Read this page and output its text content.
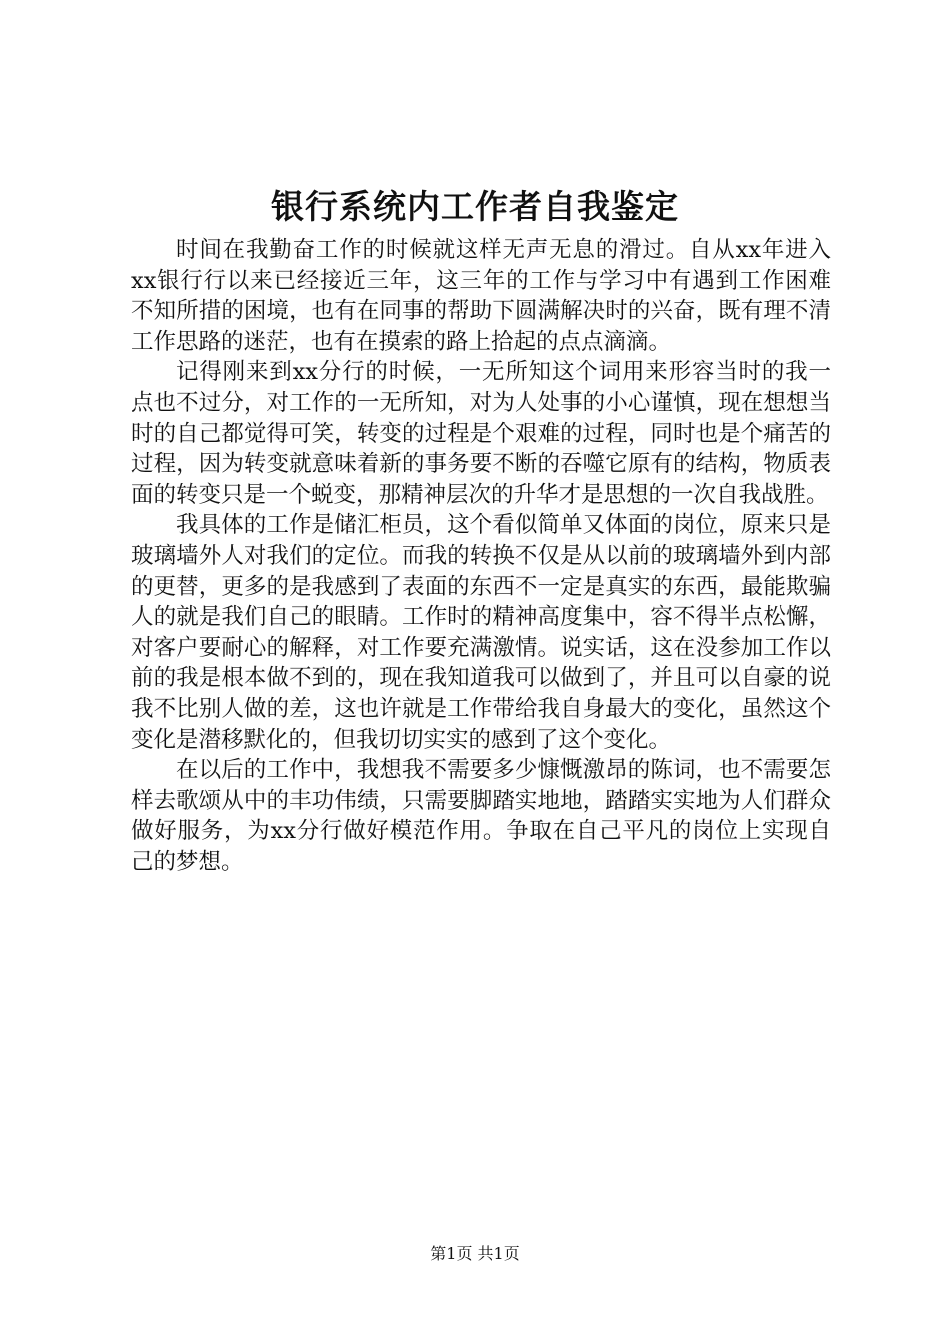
银行系统内工作者自我鉴定

时间在我勤奋工作的时候就这样无声无息的滑过。自从xx年进入xx银行行以来已经接近三年，这三年的工作与学习中有遇到工作困难不知所措的困境，也有在同事的帮助下圆满解决时的兴奋，既有理不清工作思路的迷茫，也有在摸索的路上拾起的点点滴滴。

记得刚来到xx分行的时候，一无所知这个词用来形容当时的我一点也不过分，对工作的一无所知，对为人处事的小心谨慎，现在想想当时的自己都觉得可笑，转变的过程是个艰难的过程，同时也是个痛苦的过程，因为转变就意味着新的事务要不断的吞噬它原有的结构，物质表面的转变只是一个蜕变，那精神层次的升华才是思想的一次自我战胜。

我具体的工作是储汇柜员，这个看似简单又体面的岗位，原来只是玻璃墙外人对我们的定位。而我的转换不仅是从以前的玻璃墙外到内部的更替，更多的是我感到了表面的东西不一定是真实的东西，最能欺骗人的就是我们自己的眼睛。工作时的精神高度集中，容不得半点松懈，对客户要耐心的解释，对工作要充满激情。说实话，这在没参加工作以前的我是根本做不到的，现在我知道我可以做到了，并且可以自豪的说我不比别人做的差，这也许就是工作带给我自身最大的变化，虽然这个变化是潜移默化的，但我切切实实的感到了这个变化。

在以后的工作中，我想我不需要多少慷慨激昂的陈词，也不需要怎样去歌颂从中的丰功伟绩，只需要脚踏实地地，踏踏实实地为人们群众做好服务，为xx分行做好模范作用。争取在自己平凡的岗位上实现自己的梦想。

第1页 共1页
